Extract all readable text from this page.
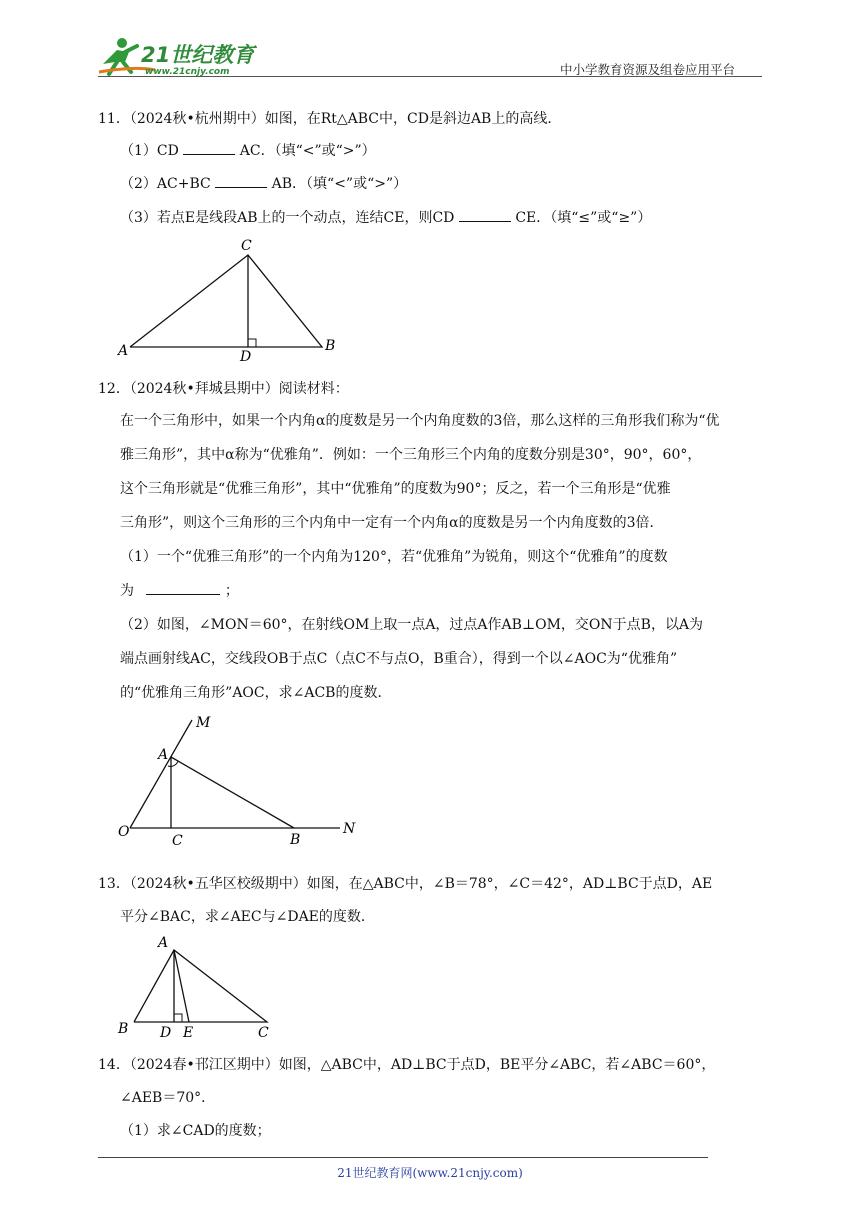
21世纪教育
www.21cnjy.com	中小学教育资源及组卷应用平台
11．（2024秋•杭州期中）如图，在Rt△ABC中，CD是斜边AB上的高线．
（1）CD	AC．（填“<”或“>”）
（2）AC+BC	AB．（填“<”或“>”）
（3）若点E是线段AB上的一个动点，连结CE，则CD	CE．（填“≤”或“≥”）
C
A	D
B
12．（2024秋•拜城县期中）阅读材料：
在一个三角形中，如果一个内角α的度数是另一个内角度数的3倍，那么这样的三角形我们称为“优
雅三角形”，其中α称为“优雅角”．例如：一个三角形三个内角的度数分别是30°，90°，60°，
这个三角形就是“优雅三角形”，其中“优雅角”的度数为90°；反之，若一个三角形是“优雅
三角形”，则这个三角形的三个内角中一定有一个内角α的度数是另一个内角度数的3倍．
（1）一个“优雅三角形”的一个内角为120°，若“优雅角”为锐角，则这个“优雅角”的度数
为	；
（2）如图，∠MON＝60°，在射线OM上取一点A，过点A作AB⊥OM，交ON于点B，以A为
端点画射线AC，交线段OB于点C（点C不与点O，B重合），得到一个以∠AOC为“优雅角”
的“优雅角三角形”AOC，求∠ACB的度数．
M
A
O
C	B
N
13．（2024秋•五华区校级期中）如图，在△ABC中，∠B＝78°，∠C＝42°，AD⊥BC于点D，AE
平分∠BAC，求∠AEC与∠DAE的度数．
A
B D E	C
14．（2024春•邗江区期中）如图，△ABC中，AD⊥BC于点D，BE平分∠ABC，若∠ABC＝60°，
∠AEB＝70°．
（1）求∠CAD的度数；
21世纪教育网(www.21cnjy.com)
